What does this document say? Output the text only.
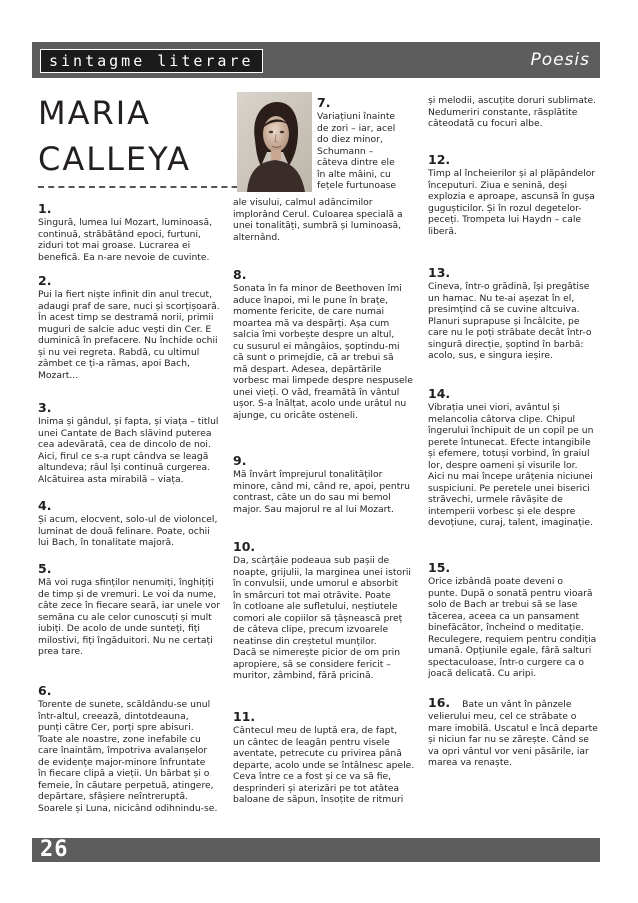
sintagme literare	Poesis
MARIA
CALLEYA
1.
Singură, lumea lui Mozart, luminoasă,
continuă, străbătând epoci, furtuni,
ziduri tot mai groase. Lucrarea ei
benefică. Ea n-are nevoie de cuvinte.
2.
Pui la fiert niște infinit din anul trecut,
adaugi praf de sare, nuci și scorțișoară.
În acest timp se destramă norii, primii
muguri de salcie aduc vești din Cer. E
duminică în prefacere. Nu închide ochii
și nu vei regreta. Rabdă, cu ultimul
zâmbet ce ți-a rămas, apoi Bach,
Mozart...
3.
Inima și gândul, și fapta, și viața – titlul
unei Cantate de Bach slăvind puterea
cea adevărată, cea de dincolo de noi.
Aici, firul ce s-a rupt cândva se leagă
altundeva; râul își continuă curgerea.
Alcătuirea asta mirabilă – viața.
4.
Și acum, elocvent, solo-ul de violoncel,
luminat de două felinare. Poate, ochii
lui Bach, în tonalitate majoră.
5.
Mă voi ruga sfinților nenumiți, înghițiți
de timp și de vremuri. Le voi da nume,
câte zece în fiecare seară, iar unele vor
semăna cu ale celor cunoscuți și mult
iubiți. De acolo de unde sunteți, fiți
milostivi, fiți îngăduitori. Nu ne certați
prea tare.
6.
Torente de sunete, scăldându-se unul
într-altul, creează, dintotdeauna,
punți către Cer, porți spre abisuri.
Toate ale noastre, zone inefabile cu
care înaintăm, împotriva avalanșelor
de evidențe major-minore înfruntate
în fiecare clipă a vieții. Un bărbat și o
femeie, în căutare perpetuă, atingere,
depărtare, sfâșiere neîntreruptă.
Soarele și Luna, nicicând odihnindu-se.
7.
Variațiuni înainte
de zori – iar, acel
do diez minor,
Schumann –
câteva dintre ele
în alte mâini, cu
fețele furtunoase
ale visului, calmul adâncimilor
implorând Cerul. Culoarea specială a
unei tonalități, sumbră și luminoasă,
alternând.
8.
Sonata în fa minor de Beethoven îmi
aduce înapoi, mi le pune în brațe,
momente fericite, de care numai
moartea mă va despărți. Așa cum
salcia îmi vorbește despre un altul,
cu susurul ei mângâios, șoptindu-mi
că sunt o primejdie, că ar trebui să
mă despart. Adesea, depărtările
vorbesc mai limpede despre nespusele
unei vieți. O văd, freamătă în vântul
ușor. S-a înălțat, acolo unde urâtul nu
ajunge, cu oricâte osteneli.
9.
Mă învârt împrejurul tonalităților
minore, când mi, când re, apoi, pentru
contrast, câte un do sau mi bemol
major. Sau majorul re al lui Mozart.
10.
Da, scârțâie podeaua sub pașii de
noapte, grijulii, la marginea unei istorii
în convulsii, unde umorul e absorbit
în smârcuri tot mai otrăvite. Poate
în cotloane ale sufletului, neștiutele
comori ale copiilor să țâșnească preț
de câteva clipe, precum izvoarele
neatinse din creștetul munților.
Dacă se nimerește picior de om prin
apropiere, să se considere fericit –
muritor, zâmbind, fără pricină.
11.
Cântecul meu de luptă era, de fapt,
un cântec de leagăn pentru visele
aventate, petrecute cu privirea până
departe, acolo unde se întâlnesc apele.
Ceva între ce a fost și ce va să fie,
desprinderi și aterizări pe tot atâtea
baloane de săpun, însoțite de ritmuri
și melodii, ascuțite doruri sublimate.
Nedumeriri constante, răsplătite
câteodată cu focuri albe.
12.
Timp al încheierilor și al plăpândelor
începuturi. Ziua e senină, deși
explozia e aproape, ascunsă în gușa
gugușticilor. Și în rozul degetelor-
peceți. Trompeta lui Haydn – cale
liberă.
13.
Cineva, într-o grădină, își pregătise
un hamac. Nu te-ai așezat în el,
presimțind că se cuvine altcuiva.
Planuri suprapuse și încâlcite, pe
care nu le poți străbate decât într-o
singură direcție, șoptind în barbă:
acolo, sus, e singura ieșire.
14.
Vibrația unei viori, avântul și
melancolia câtorva clipe. Chipul
îngerului închipuit de un copil pe un
perete întunecat. Efecte intangibile
și efemere, totuși vorbind, în graiul
lor, despre oameni și visurile lor.
Aici nu mai începe urâțenia niciunei
suspiciuni. Pe peretele unei biserici
străvechi, urmele răvășite de
intemperii vorbesc și ele despre
devoțiune, curaj, talent, imaginație.
15.
Orice izbândă poate deveni o
punte. După o sonată pentru vioară
solo de Bach ar trebui să se lase
tăcerea, aceea ca un pansament
binefăcător, încheind o meditație.
Reculegere, requiem pentru condiția
umană. Opțiunile egale, fără salturi
spectaculoase, într-o curgere ca o
joacă delicată. Cu aripi.
16. Bate un vânt în pânzele
velierului meu, cel ce străbate o
mare imobilă. Uscatul e încă departe
și niciun far nu se zărește. Când se
va opri vântul vor veni păsările, iar
marea va renaște.
26
